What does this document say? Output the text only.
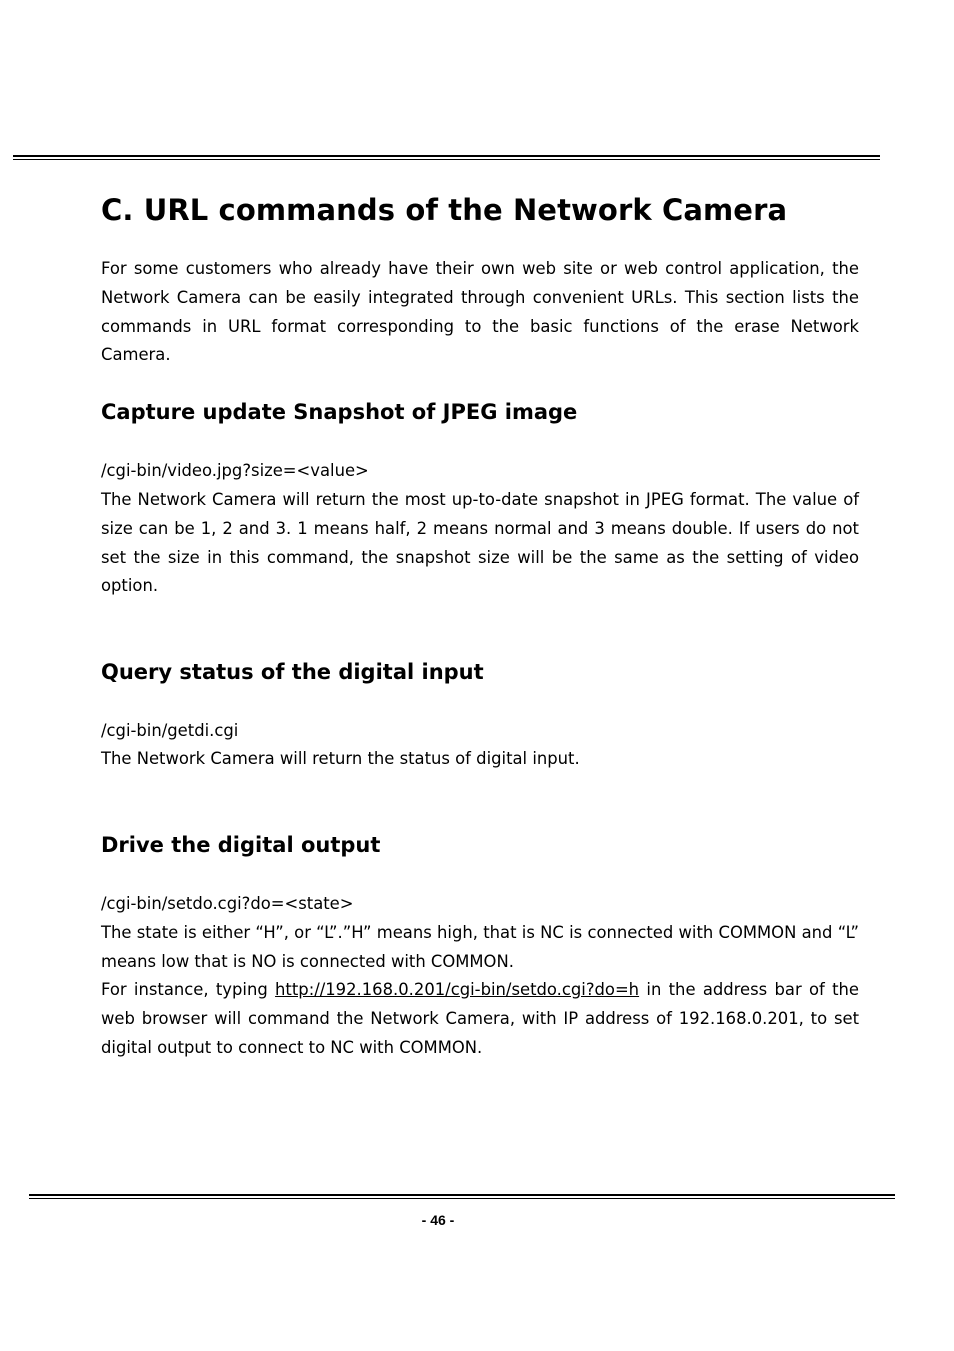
C. URL commands of the Network Camera

For some customers who already have their own web site or web control application, the Network Camera can be easily integrated through convenient URLs. This section lists the commands in URL format corresponding to the basic functions of the erase Network Camera.

Capture update Snapshot of JPEG image

/cgi-bin/video.jpg?size=<value>

The Network Camera will return the most up-to-date snapshot in JPEG format. The value of size can be 1, 2 and 3. 1 means half, 2 means normal and 3 means double. If users do not set the size in this command, the snapshot size will be the same as the setting of video option.

Query status of the digital input

/cgi-bin/getdi.cgi

The Network Camera will return the status of digital input.

Drive the digital output

/cgi-bin/setdo.cgi?do=<state>

The state is either “H”, or “L”.”H” means high, that is NC is connected with COMMON and “L” means low that is NO is connected with COMMON.

For instance, typing http://192.168.0.201/cgi-bin/setdo.cgi?do=h in the address bar of the web browser will command the Network Camera, with IP address of 192.168.0.201, to set digital output to connect to NC with COMMON.

- 46 -
